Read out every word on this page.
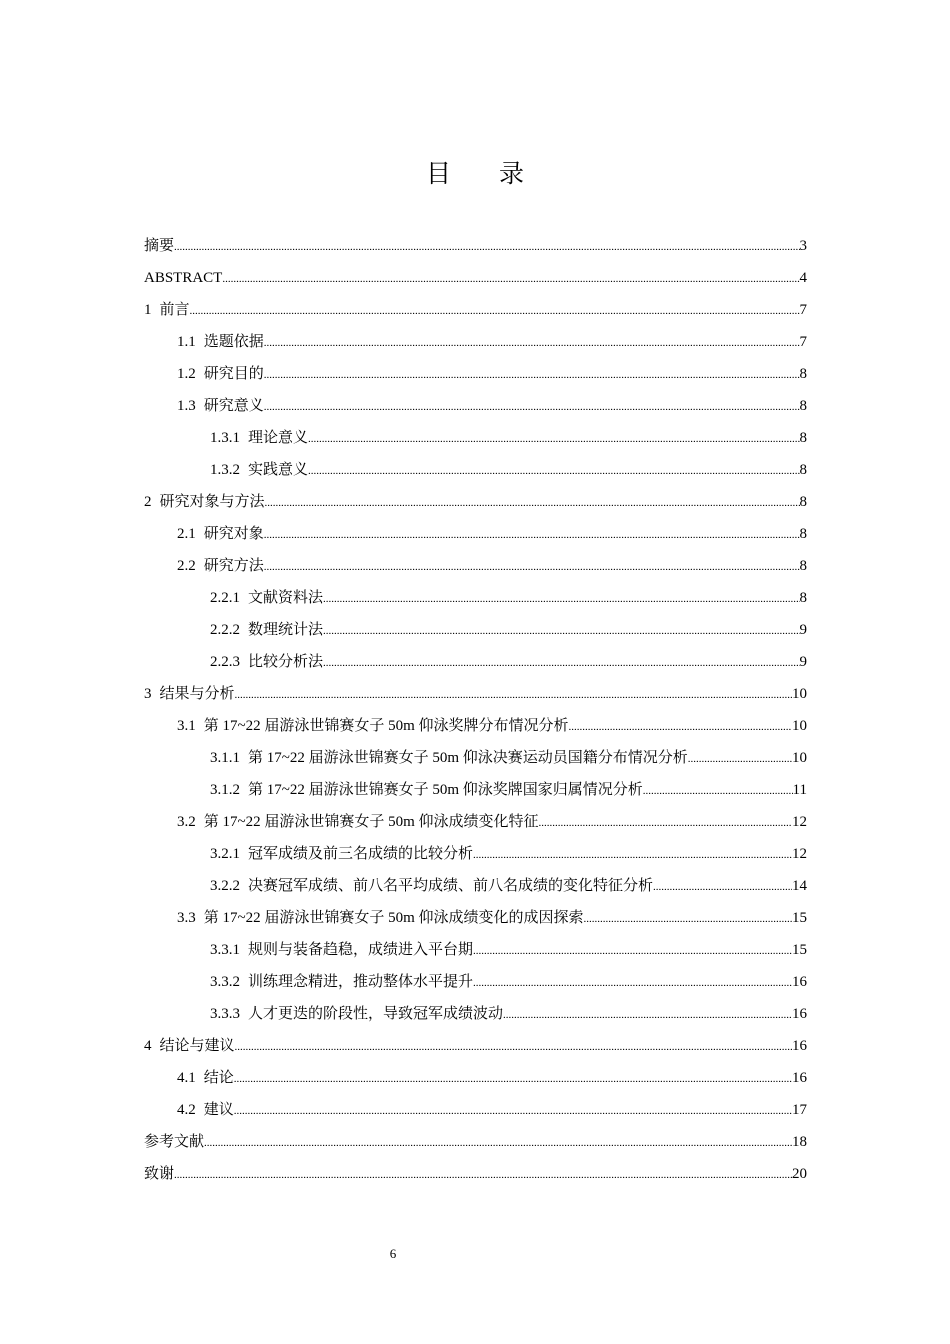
目 录
摘要 .....	3
ABSTRACT .....	4
1 前言 .....	7
1.1 选题依据 .....	7
1.2 研究目的 .....	8
1.3 研究意义 .....	8
1.3.1 理论意义 .....	8
1.3.2 实践意义 .....	8
2 研究对象与方法 .....	8
2.1 研究对象 .....	8
2.2 研究方法 .....	8
2.2.1 文献资料法 .....	8
2.2.2 数理统计法 .....	9
2.2.3 比较分析法 .....	9
3 结果与分析 .....	10
3.1 第 17~22 届游泳世锦赛女子 50m 仰泳奖牌分布情况分析 .....	10
3.1.1 第 17~22 届游泳世锦赛女子 50m 仰泳决赛运动员国籍分布情况分析 .....	10
3.1.2 第 17~22 届游泳世锦赛女子 50m 仰泳奖牌国家归属情况分析 .....	11
3.2 第 17~22 届游泳世锦赛女子 50m 仰泳成绩变化特征 .....	12
3.2.1 冠军成绩及前三名成绩的比较分析 .....	12
3.2.2 决赛冠军成绩、前八名平均成绩、前八名成绩的变化特征分析 .....	14
3.3 第 17~22 届游泳世锦赛女子 50m 仰泳成绩变化的成因探索 .....	15
3.3.1 规则与装备趋稳，成绩进入平台期 .....	15
3.3.2 训练理念精进，推动整体水平提升 .....	16
3.3.3 人才更迭的阶段性，导致冠军成绩波动 .....	16
4 结论与建议 .....	16
4.1 结论 .....	16
4.2 建议 .....	17
参考文献 .....	18
致谢 .....	20
6
